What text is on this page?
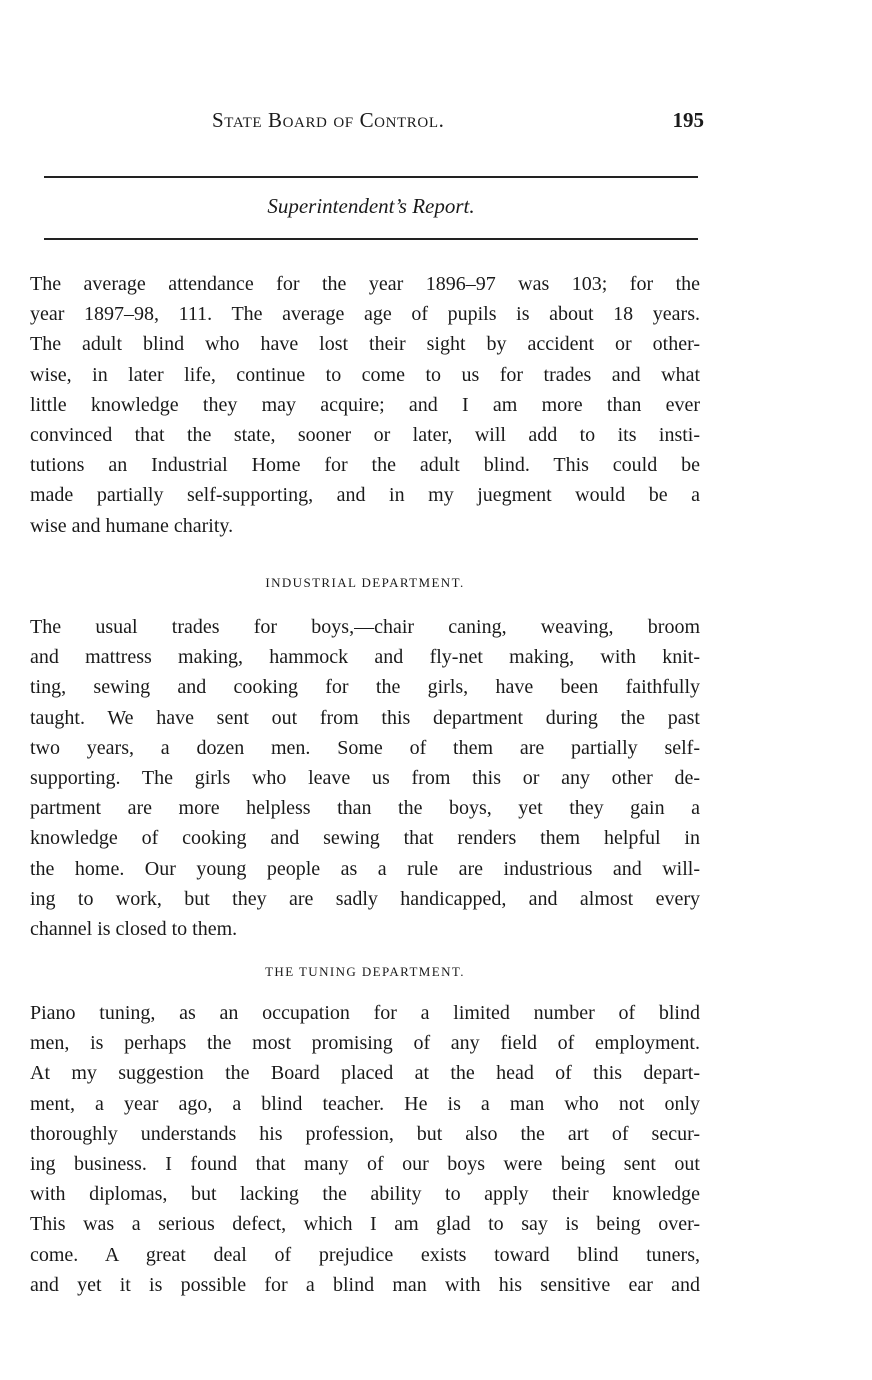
State Board of Control.	195
Superintendent’s Report.

The average attendance for the year 1896–97 was 103; for the
year 1897–98, 111. The average age of pupils is about 18 years.
The adult blind who have lost their sight by accident or other-
wise, in later life, continue to come to us for trades and what
little knowledge they may acquire; and I am more than ever
convinced that the state, sooner or later, will add to its insti-
tutions an Industrial Home for the adult blind. This could be
made partially self-supporting, and in my juegment would be a
wise and humane charity.

INDUSTRIAL DEPARTMENT.

The usual trades for boys,—chair caning, weaving, broom
and mattress making, hammock and fly-net making, with knit-
ting, sewing and cooking for the girls, have been faithfully
taught. We have sent out from this department during the past
two years, a dozen men. Some of them are partially self-
supporting. The girls who leave us from this or any other de-
partment are more helpless than the boys, yet they gain a
knowledge of cooking and sewing that renders them helpful in
the home. Our young people as a rule are industrious and will-
ing to work, but they are sadly handicapped, and almost every
channel is closed to them.

THE TUNING DEPARTMENT.

Piano tuning, as an occupation for a limited number of blind
men, is perhaps the most promising of any field of employment.
At my suggestion the Board placed at the head of this depart-
ment, a year ago, a blind teacher. He is a man who not only
thoroughly understands his profession, but also the art of secur-
ing business. I found that many of our boys were being sent out
with diplomas, but lacking the ability to apply their knowledge
This was a serious defect, which I am glad to say is being over-
come. A great deal of prejudice exists toward blind tuners,
and yet it is possible for a blind man with his sensitive ear and
